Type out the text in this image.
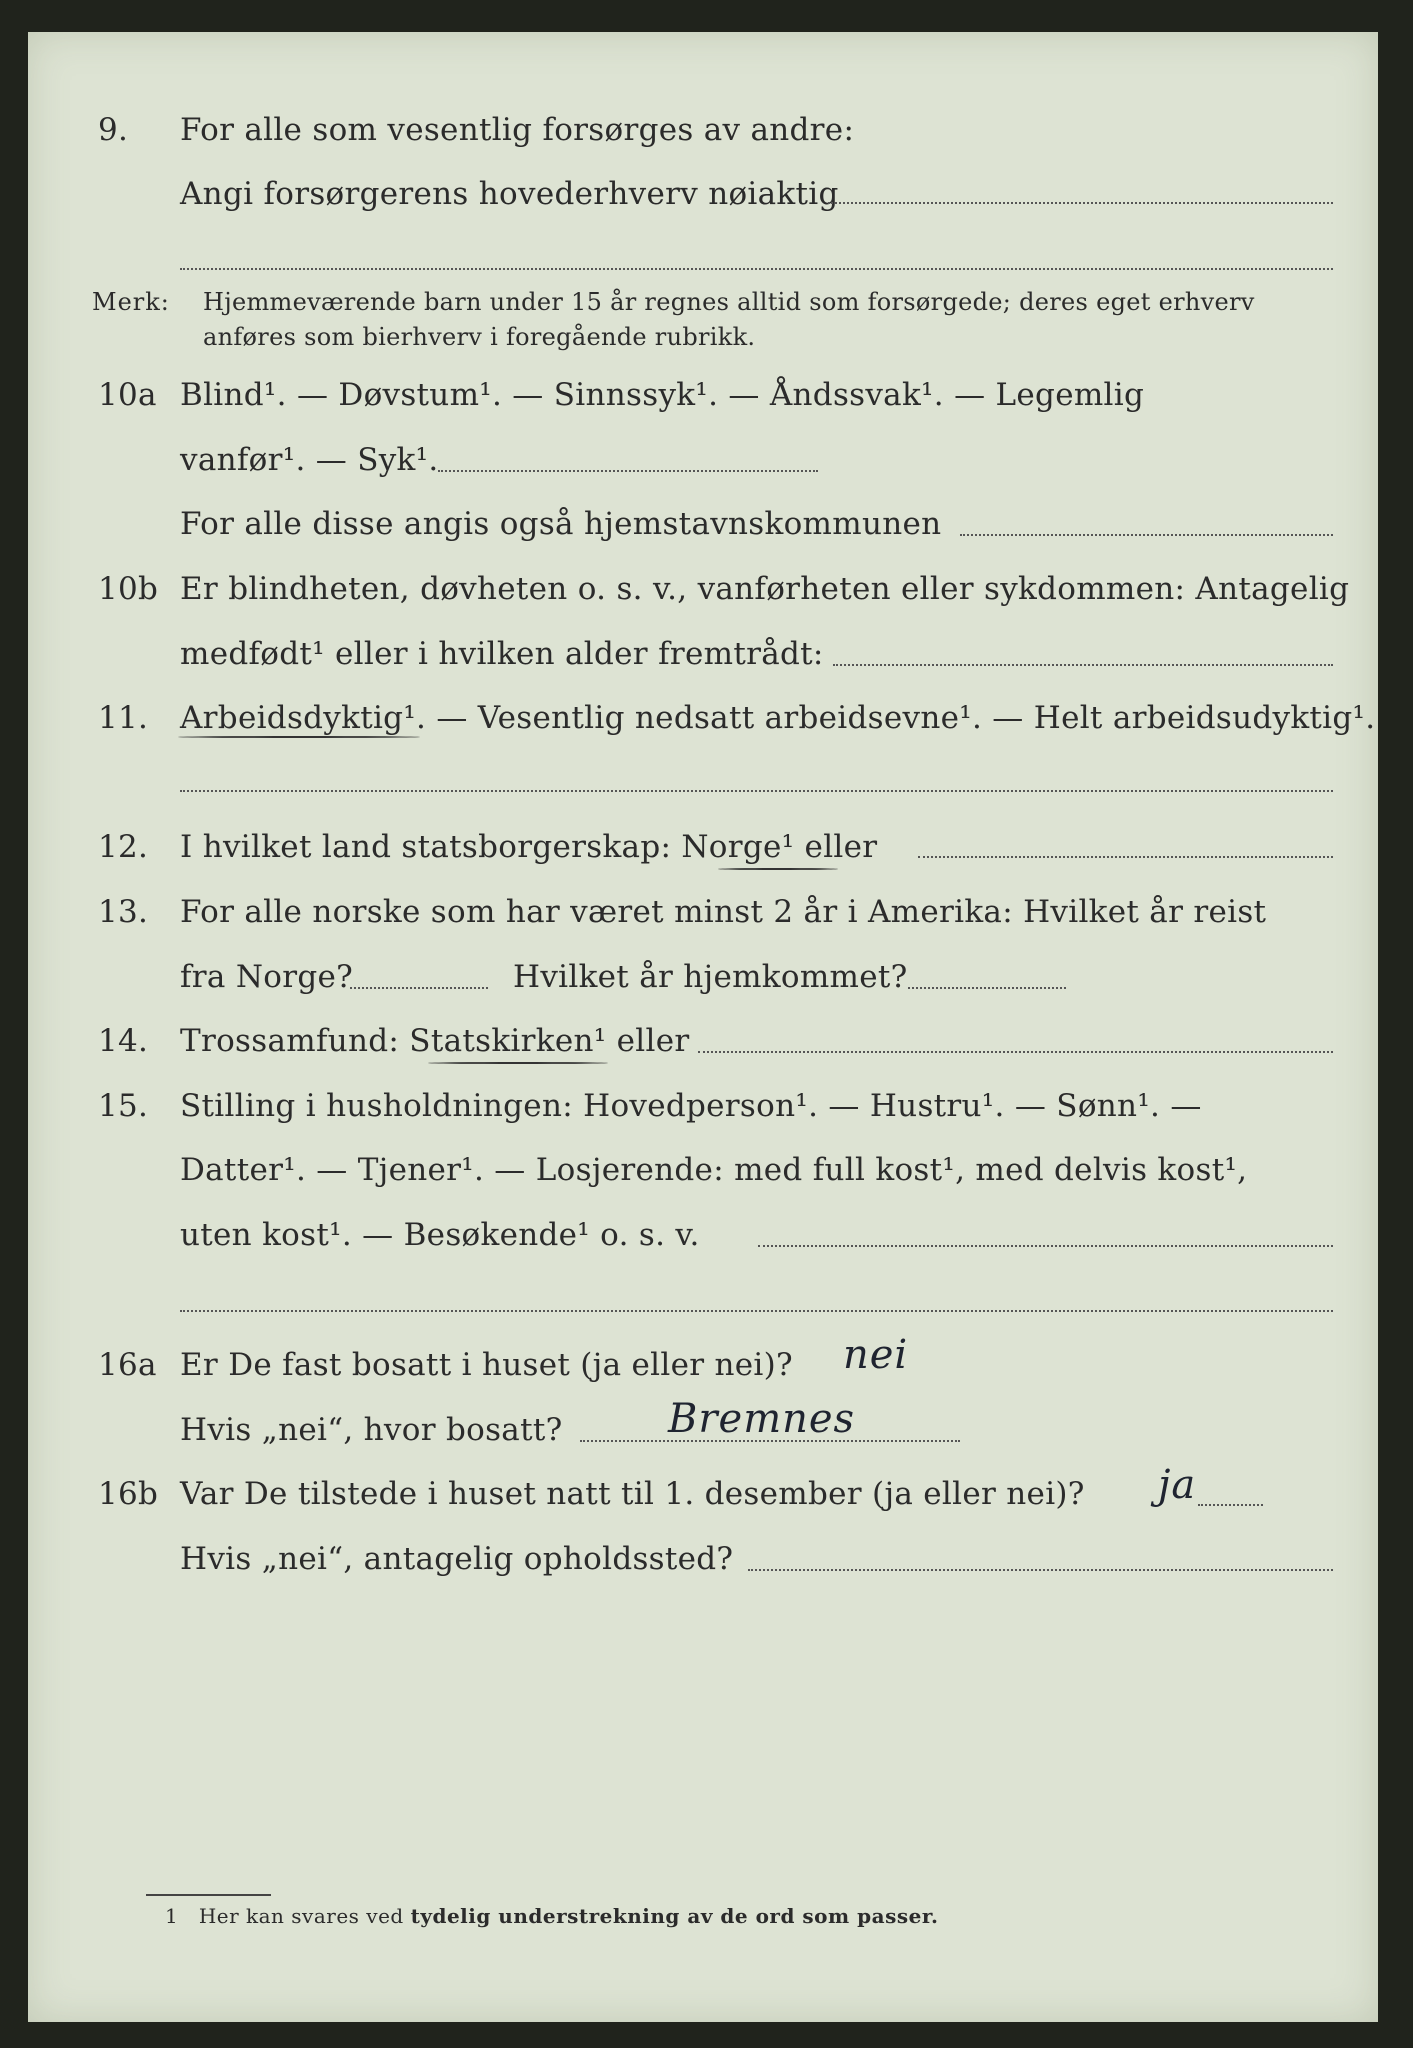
9. For alle som vesentlig forsørges av andre:
Angi forsørgerens hovederhverv nøiaktig
Merk: Hjemmeværende barn under 15 år regnes alltid som forsørgede; deres eget erhverv
anføres som bierhverv i foregående rubrikk.
10a Blind¹. — Døvstum¹. — Sinnssyk¹. — Åndssvak¹. — Legemlig
vanfør¹. — Syk¹.
For alle disse angis også hjemstavnskommunen
10b Er blindheten, døvheten o. s. v., vanførheten eller sykdommen: Antagelig
medfødt¹ eller i hvilken alder fremtrådt:
11. Arbeidsdyktig¹. — Vesentlig nedsatt arbeidsevne¹. — Helt arbeidsudyktig¹.
12. I hvilket land statsborgerskap: Norge¹ eller
13. For alle norske som har været minst 2 år i Amerika: Hvilket år reist
fra Norge?	Hvilket år hjemkommet?
14. Trossamfund: Statskirken¹ eller
15. Stilling i husholdningen: Hovedperson¹. — Hustru¹. — Sønn¹. —
Datter¹. — Tjener¹. — Losjerende: med full kost¹, med delvis kost¹,
uten kost¹. — Besøkende¹ o. s. v.
16a Er De fast bosatt i huset (ja eller nei)? nei
Hvis „nei“, hvor bosatt?	Bremnes
16b Var De tilstede i huset natt til 1. desember (ja eller nei)? ja
Hvis „nei“, antagelig opholdssted?
1 Her kan svares ved tydelig understrekning av de ord som passer.
